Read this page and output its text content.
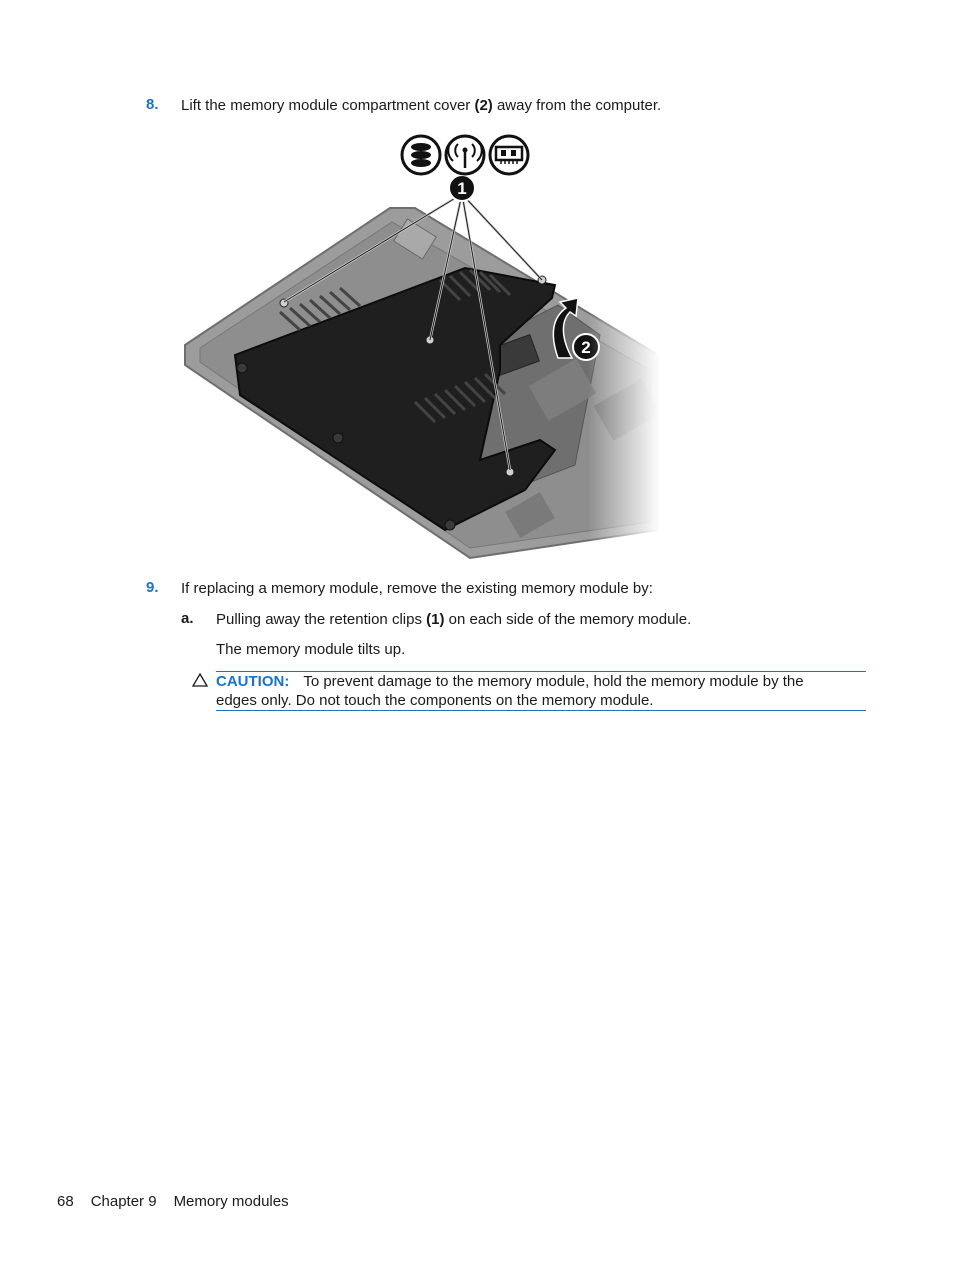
8. Lift the memory module compartment cover (2) away from the computer.
9. If replacing a memory module, remove the existing memory module by:
a. Pulling away the retention clips (1) on each side of the memory module.
The memory module tilts up.
CAUTION: To prevent damage to the memory module, hold the memory module by the
edges only. Do not touch the components on the memory module.
68 Chapter 9 Memory modules
